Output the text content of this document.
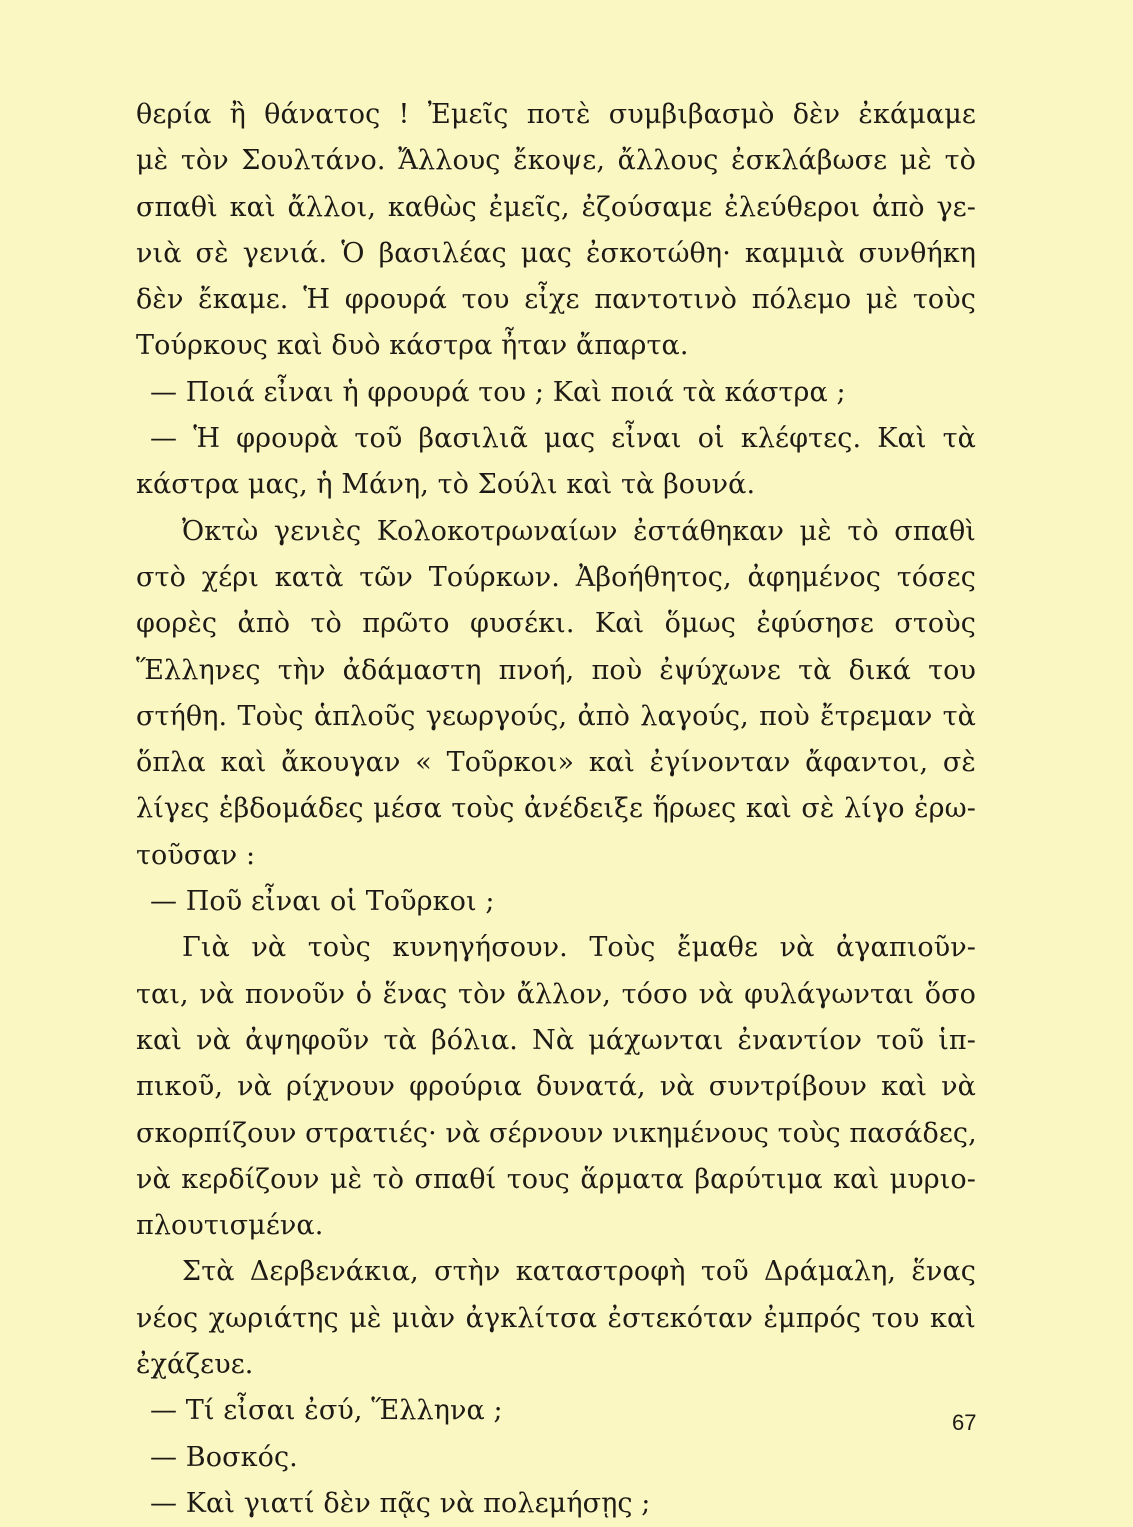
θερία ἢ θάνατος ! Ἐμεῖς ποτὲ συμβιβασμὸ δὲν ἐκάμαμε
μὲ τὸν Σουλτάνο. Ἄλλους ἔκοψε, ἄλλους ἐσκλάβωσε μὲ τὸ
σπαθὶ καὶ ἄλλοι, καθὼς ἐμεῖς, ἐζούσαμε ἐλεύθεροι ἀπὸ γε-
νιὰ σὲ γενιά. Ὁ βασιλέας μας ἐσκοτώθη· καμμιὰ συνθήκη
δὲν ἔκαμε. Ἡ φρουρά του εἶχε παντοτινὸ πόλεμο μὲ τοὺς
Τούρκους καὶ δυὸ κάστρα ἦταν ἄπαρτα.
— Ποιά εἶναι ἡ φρουρά του ; Καὶ ποιά τὰ κάστρα ;
— Ἡ φρουρὰ τοῦ βασιλιᾶ μας εἶναι οἱ κλέφτες. Καὶ τὰ
κάστρα μας, ἡ Μάνη, τὸ Σούλι καὶ τὰ βουνά.
Ὀκτὼ γενιὲς Κολοκοτρωναίων ἐστάθηκαν μὲ τὸ σπαθὶ
στὸ χέρι κατὰ τῶν Τούρκων. Ἀβοήθητος, ἀφημένος τόσες
φορὲς ἀπὸ τὸ πρῶτο φυσέκι. Καὶ ὅμως ἐφύσησε στοὺς
Ἕλληνες τὴν ἀδάμαστη πνοή, ποὺ ἐψύχωνε τὰ δικά του
στήθη. Τοὺς ἁπλοῦς γεωργούς, ἀπὸ λαγούς, ποὺ ἔτρεμαν τὰ
ὅπλα καὶ ἄκουγαν « Τοῦρκοι» καὶ ἐγίνονταν ἄφαντοι, σὲ
λίγες ἑβδομάδες μέσα τοὺς ἀνέδειξε ἥρωες καὶ σὲ λίγο ἐρω-
τοῦσαν :
— Ποῦ εἶναι οἱ Τοῦρκοι ;
Γιὰ νὰ τοὺς κυνηγήσουν. Τοὺς ἔμαθε νὰ ἀγαπιοῦν-
ται, νὰ πονοῦν ὁ ἕνας τὸν ἄλλον, τόσο νὰ φυλάγωνται ὅσο
καὶ νὰ ἀψηφοῦν τὰ βόλια. Νὰ μάχωνται ἐναντίον τοῦ ἱπ-
πικοῦ, νὰ ρίχνουν φρούρια δυνατά, νὰ συντρίβουν καὶ νὰ
σκορπίζουν στρατιές· νὰ σέρνουν νικημένους τοὺς πασάδες,
νὰ κερδίζουν μὲ τὸ σπαθί τους ἅρματα βαρύτιμα καὶ μυριο-
πλουτισμένα.
Στὰ Δερβενάκια, στὴν καταστροφὴ τοῦ Δράμαλη, ἕνας
νέος χωριάτης μὲ μιὰν ἀγκλίτσα ἐστεκόταν ἐμπρός του καὶ
ἐχάζευε.
— Τί εἶσαι ἐσύ, Ἕλληνα ;
— Βοσκός.
— Καὶ γιατί δὲν πᾷς νὰ πολεμήσῃς ;
67
